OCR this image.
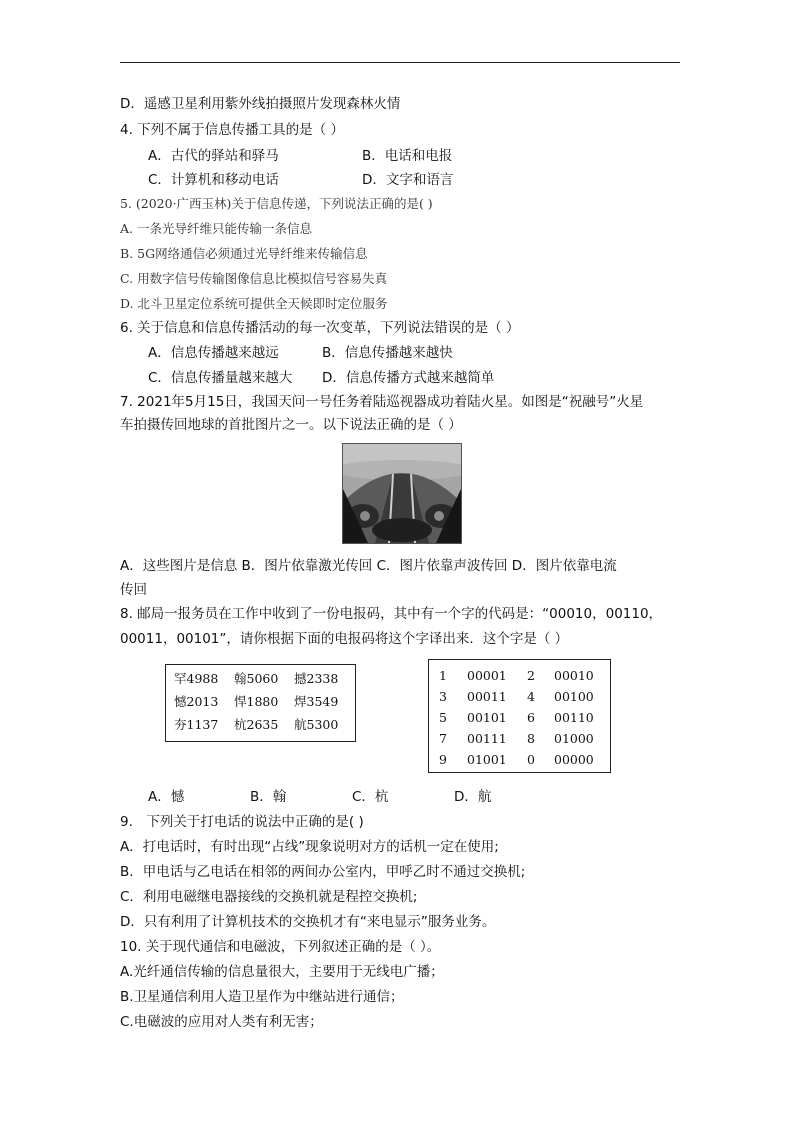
D．遥感卫星利用紫外线拍摄照片发现森林火情
4. 下列不属于信息传播工具的是（ ）
A．古代的驿站和驿马	B．电话和电报
C．计算机和移动电话	D．文字和语言
5. (2020·广西玉林)关于信息传递，下列说法正确的是( )
A. 一条光导纤维只能传输一条信息
B. 5G网络通信必须通过光导纤维来传输信息
C. 用数字信号传输图像信息比模拟信号容易失真
D. 北斗卫星定位系统可提供全天候即时定位服务
6. 关于信息和信息传播活动的每一次变革，下列说法错误的是（ ）
A．信息传播越来越远	B．信息传播越来越快
C．信息传播量越来越大 D．信息传播方式越来越简单
7. 2021年5月15日，我国天问一号任务着陆巡视器成功着陆火星。如图是“祝融号”火星
车拍摄传回地球的首批图片之一。以下说法正确的是（ ）
A．这些图片是信息 B．图片依靠激光传回 C．图片依靠声波传回 D．图片依靠电流
传回
8. 邮局一报务员在工作中收到了一份电报码，其中有一个字的代码是：“00010，00110，
00011，00101”，请你根据下面的电报码将这个字译出来．这个字是（ ）
罕4988 翰5060 撼2338
憾2013 悍1880 焊3549
夯1137 杭2635 航5300
1 00001 2 00010
3 00011 4 00100
5 00101 6 00110
7 00111 8 01000
9 01001 0 00000
A．憾	B．翰	C．杭	D．航
9.　下列关于打电话的说法中正确的是( )
A．打电话时，有时出现“占线”现象说明对方的话机一定在使用;
B．甲电话与乙电话在相邻的两间办公室内，甲呼乙时不通过交换机;
C．利用电磁继电器接线的交换机就是程控交换机;
D．只有利用了计算机技术的交换机才有“来电显示”服务业务。
10. 关于现代通信和电磁波，下列叙述正确的是（ ）。
A.光纤通信传输的信息量很大，主要用于无线电广播；
B.卫星通信利用人造卫星作为中继站进行通信；
C.电磁波的应用对人类有利无害；
